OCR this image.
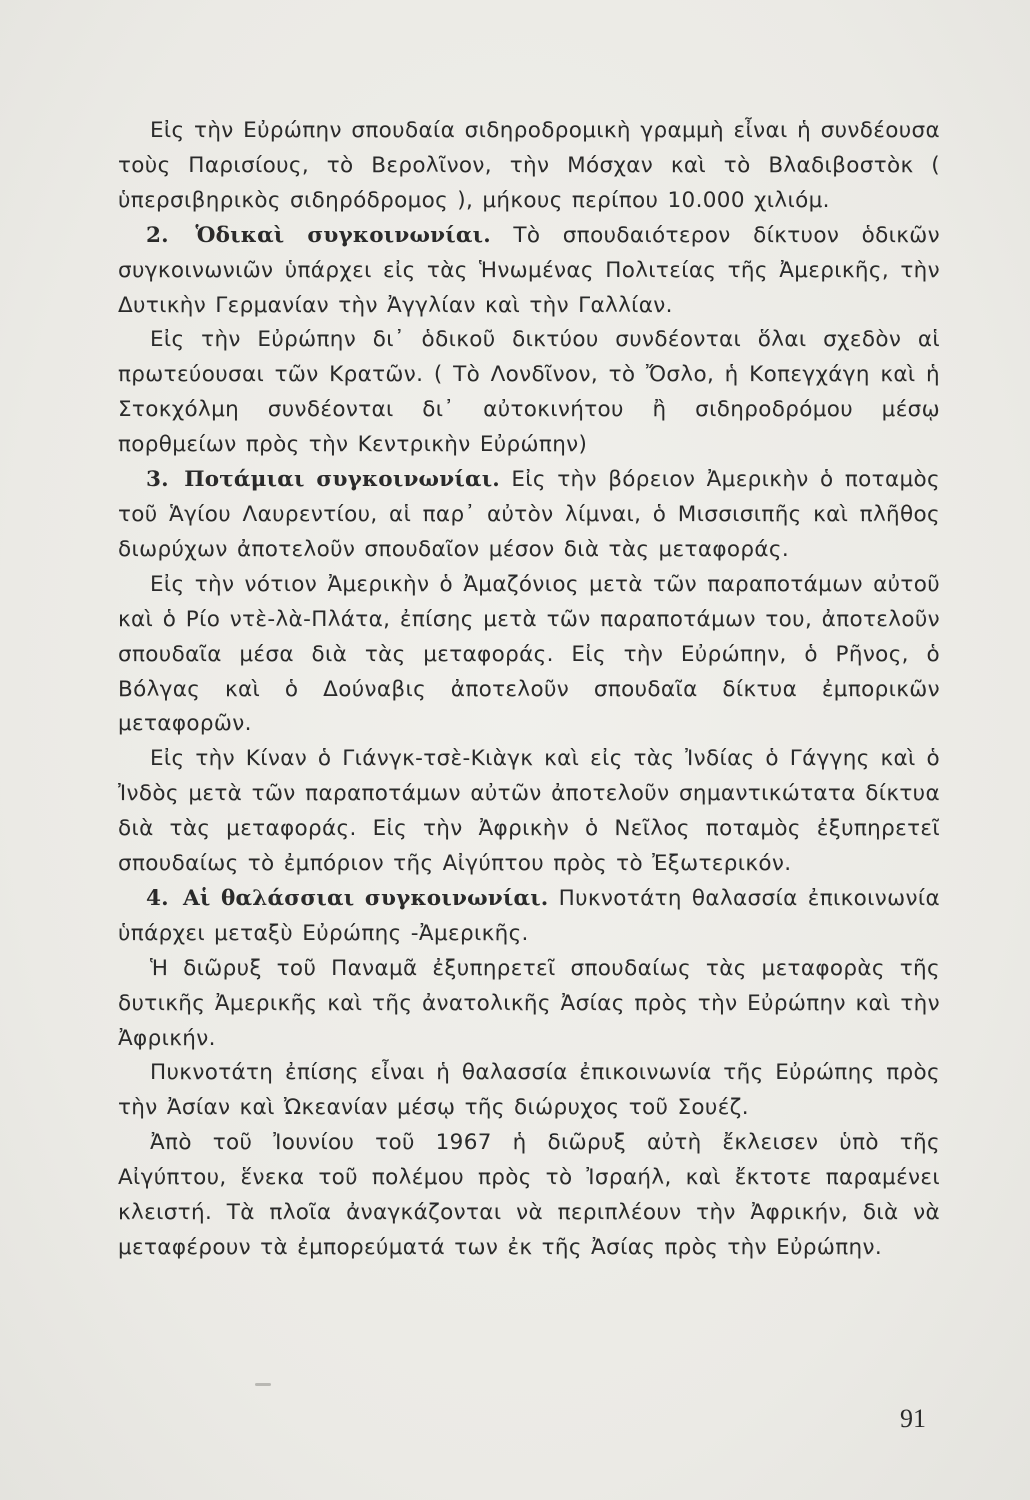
Εἰς τὴν Εὐρώπην σπουδαία σιδηροδρομικὴ γραμμὴ εἶναι ἡ συνδέουσα τοὺς Παρισίους, τὸ Βερολῖνον, τὴν Μόσχαν καὶ τὸ Βλαδιβοστὸκ ( ὑπερσιβηρικὸς σιδηρόδρομος ), μήκους περίπου 10.000 χιλιόμ.

2. Ὁδικαὶ συγκοινωνίαι. Τὸ σπουδαιότερον δίκτυον ὁδικῶν συγκοινωνιῶν ὑπάρχει εἰς τὰς Ἡνωμένας Πολιτείας τῆς Ἀμερικῆς, τὴν Δυτικὴν Γερμανίαν τὴν Ἀγγλίαν καὶ τὴν Γαλλίαν.

Εἰς τὴν Εὐρώπην δι᾽ ὁδικοῦ δικτύου συνδέονται ὅλαι σχεδὸν αἱ πρωτεύουσαι τῶν Κρατῶν. ( Τὸ Λονδῖνον, τὸ Ὄσλο, ἡ Κοπεγχάγη καὶ ἡ Στοκχόλμη συνδέονται δι᾽ αὐτοκινήτου ἢ σιδηροδρόμου μέσῳ πορθμείων πρὸς τὴν Κεντρικὴν Εὐρώπην)

3. Ποτάμιαι συγκοινωνίαι. Εἰς τὴν βόρειον Ἀμερικὴν ὁ ποταμὸς τοῦ Ἁγίου Λαυρεντίου, αἱ παρ᾽ αὐτὸν λίμναι, ὁ Μισσισιπῆς καὶ πλῆθος διωρύχων ἀποτελοῦν σπουδαῖον μέσον διὰ τὰς μεταφοράς.

Εἰς τὴν νότιον Ἀμερικὴν ὁ Ἀμαζόνιος μετὰ τῶν παραποτάμων αὐτοῦ καὶ ὁ Ρίο ντὲ-λὰ-Πλάτα, ἐπίσης μετὰ τῶν παραποτάμων του, ἀποτελοῦν σπουδαῖα μέσα διὰ τὰς μεταφοράς. Εἰς τὴν Εὐρώπην, ὁ Ρῆνος, ὁ Βόλγας καὶ ὁ Δούναβις ἀποτελοῦν σπουδαῖα δίκτυα ἐμπορικῶν μεταφορῶν.

Εἰς τὴν Κίναν ὁ Γιάνγκ-τσὲ-Κιὰγκ καὶ εἰς τὰς Ἰνδίας ὁ Γάγγης καὶ ὁ Ἰνδὸς μετὰ τῶν παραποτάμων αὐτῶν ἀποτελοῦν σημαντικώτατα δίκτυα διὰ τὰς μεταφοράς. Εἰς τὴν Ἀφρικὴν ὁ Νεῖλος ποταμὸς ἐξυπηρετεῖ σπουδαίως τὸ ἐμπόριον τῆς Αἰγύπτου πρὸς τὸ Ἐξωτερικόν.

4. Αἱ θαλάσσιαι συγκοινωνίαι. Πυκνοτάτη θαλασσία ἐπικοινωνία ὑπάρχει μεταξὺ Εὐρώπης -Ἀμερικῆς.

Ἡ διῶρυξ τοῦ Παναμᾶ ἐξυπηρετεῖ σπουδαίως τὰς μεταφορὰς τῆς δυτικῆς Ἀμερικῆς καὶ τῆς ἀνατολικῆς Ἀσίας πρὸς τὴν Εὐρώπην καὶ τὴν Ἀφρικήν.

Πυκνοτάτη ἐπίσης εἶναι ἡ θαλασσία ἐπικοινωνία τῆς Εὐρώπης πρὸς τὴν Ἀσίαν καὶ Ὠκεανίαν μέσῳ τῆς διώρυχος τοῦ Σουέζ.

Ἀπὸ τοῦ Ἰουνίου τοῦ 1967 ἡ διῶρυξ αὐτὴ ἔκλεισεν ὑπὸ τῆς Αἰγύπτου, ἕνεκα τοῦ πολέμου πρὸς τὸ Ἰσραήλ, καὶ ἔκτοτε παραμένει κλειστή. Τὰ πλοῖα ἀναγκάζονται νὰ περιπλέουν τὴν Ἀφρικήν, διὰ νὰ μεταφέρουν τὰ ἐμπορεύματά των ἐκ τῆς Ἀσίας πρὸς τὴν Εὐρώπην.

91
